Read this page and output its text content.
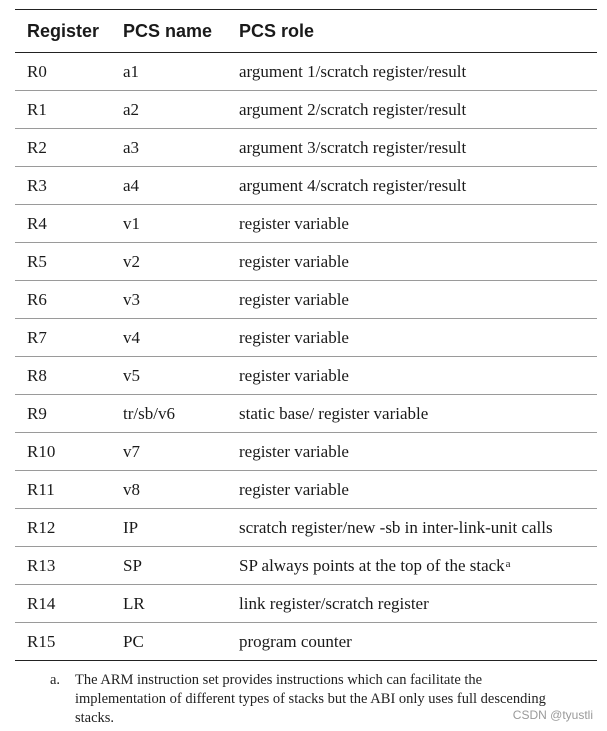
Register	PCS name	PCS role
R0	a1	argument 1/scratch register/result
R1	a2	argument 2/scratch register/result
R2	a3	argument 3/scratch register/result
R3	a4	argument 4/scratch register/result
R4	v1	register variable
R5	v2	register variable
R6	v3	register variable
R7	v4	register variable
R8	v5	register variable
R9	tr/sb/v6	static base/ register variable
R10	v7	register variable
R11	v8	register variable
R12	IP	scratch register/new -sb in inter-link-unit calls
R13	SP	SP always points at the top of the stack$^a$
R14	LR	link register/scratch register
R15	PC	program counter
a. The ARM instruction set provides instructions which can facilitate the implementation of different types of stacks but the ABI only uses full descending stacks.	CSDN @tyustli
